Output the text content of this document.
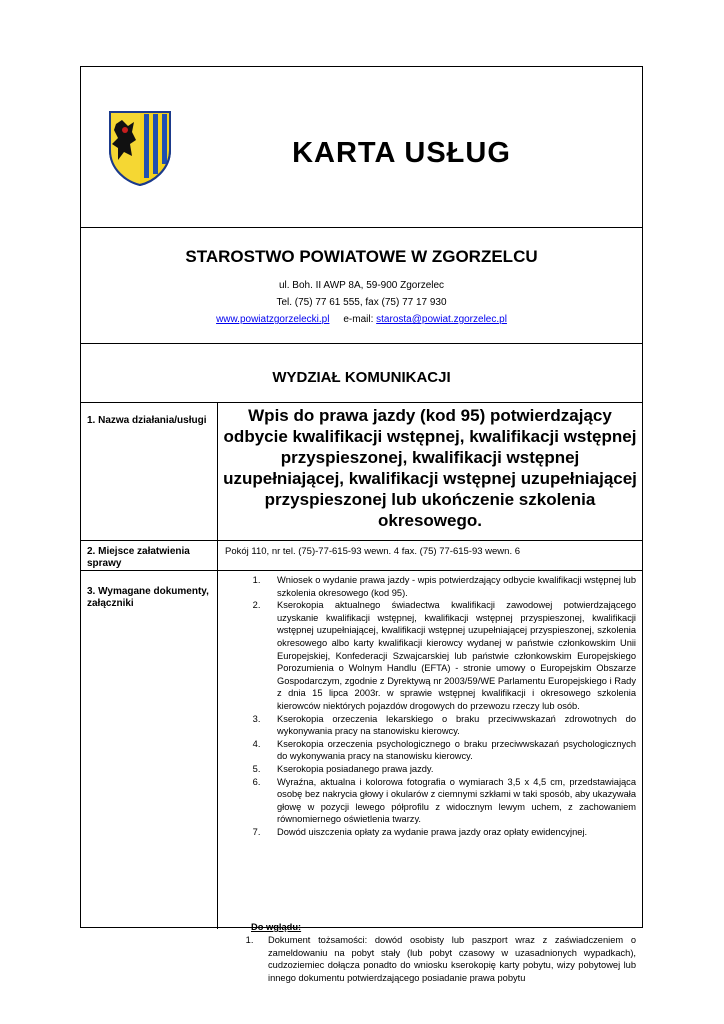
KARTA USŁUG
STAROSTWO POWIATOWE W ZGORZELCU
ul. Boh. II AWP 8A, 59-900 Zgorzelec
Tel. (75) 77 61 555, fax (75) 77 17 930
www.powiatzgorzelecki.pl e-mail: starosta@powiat.zgorzelec.pl
WYDZIAŁ KOMUNIKACJI
1. Nazwa działania/usługi	Wpis do prawa jazdy (kod 95) potwierdzający odbycie kwalifikacji wstępnej, kwalifikacji wstępnej przyspieszonej, kwalifikacji wstępnej uzupełniającej, kwalifikacji wstępnej uzupełniającej przyspieszonej lub ukończenie szkolenia okresowego.
2. Miejsce załatwienia sprawy
Pokój 110, nr tel. (75)-77-615-93 wewn. 4 fax. (75) 77-615-93 wewn. 6
3. Wymagane dokumenty, załączniki
1. Wniosek o wydanie prawa jazdy - wpis potwierdzający odbycie kwalifikacji wstępnej lub szkolenia okresowego (kod 95).
2. Kserokopia aktualnego świadectwa kwalifikacji zawodowej potwierdzającego uzyskanie kwalifikacji wstępnej, kwalifikacji wstępnej przyspieszonej, kwalifikacji wstępnej uzupełniającej, kwalifikacji wstępnej uzupełniającej przyspieszonej, szkolenia okresowego albo karty kwalifikacji kierowcy wydanej w państwie członkowskim Unii Europejskiej, Konfederacji Szwajcarskiej lub państwie członkowskim Europejskiego Porozumienia o Wolnym Handlu (EFTA) - stronie umowy o Europejskim Obszarze Gospodarczym, zgodnie z Dyrektywą nr 2003/59/WE Parlamentu Europejskiego i Rady z dnia 15 lipca 2003r. w sprawie wstępnej kwalifikacji i okresowego szkolenia kierowców niektórych pojazdów drogowych do przewozu rzeczy lub osób.
3. Kserokopia orzeczenia lekarskiego o braku przeciwwskazań zdrowotnych do wykonywania pracy na stanowisku kierowcy.
4. Kserokopia orzeczenia psychologicznego o braku przeciwwskazań psychologicznych do wykonywania pracy na stanowisku kierowcy.
5. Kserokopia posiadanego prawa jazdy.
6. Wyraźna, aktualna i kolorowa fotografia o wymiarach 3,5 x 4,5 cm, przedstawiająca osobę bez nakrycia głowy i okularów z ciemnymi szkłami w taki sposób, aby ukazywała głowę w pozycji lewego półprofilu z widocznym lewym uchem, z zachowaniem równomiernego oświetlenia twarzy.
7. Dowód uiszczenia opłaty za wydanie prawa jazdy oraz opłaty ewidencyjnej.
Do wglądu:
1. Dokument tożsamości: dowód osobisty lub paszport wraz z zaświadczeniem o zameldowaniu na pobyt stały (lub pobyt czasowy w uzasadnionych wypadkach), cudzoziemiec dołącza ponadto do wniosku kserokopię karty pobytu, wizy pobytowej lub innego dokumentu potwierdzającego posiadanie prawa pobytu
